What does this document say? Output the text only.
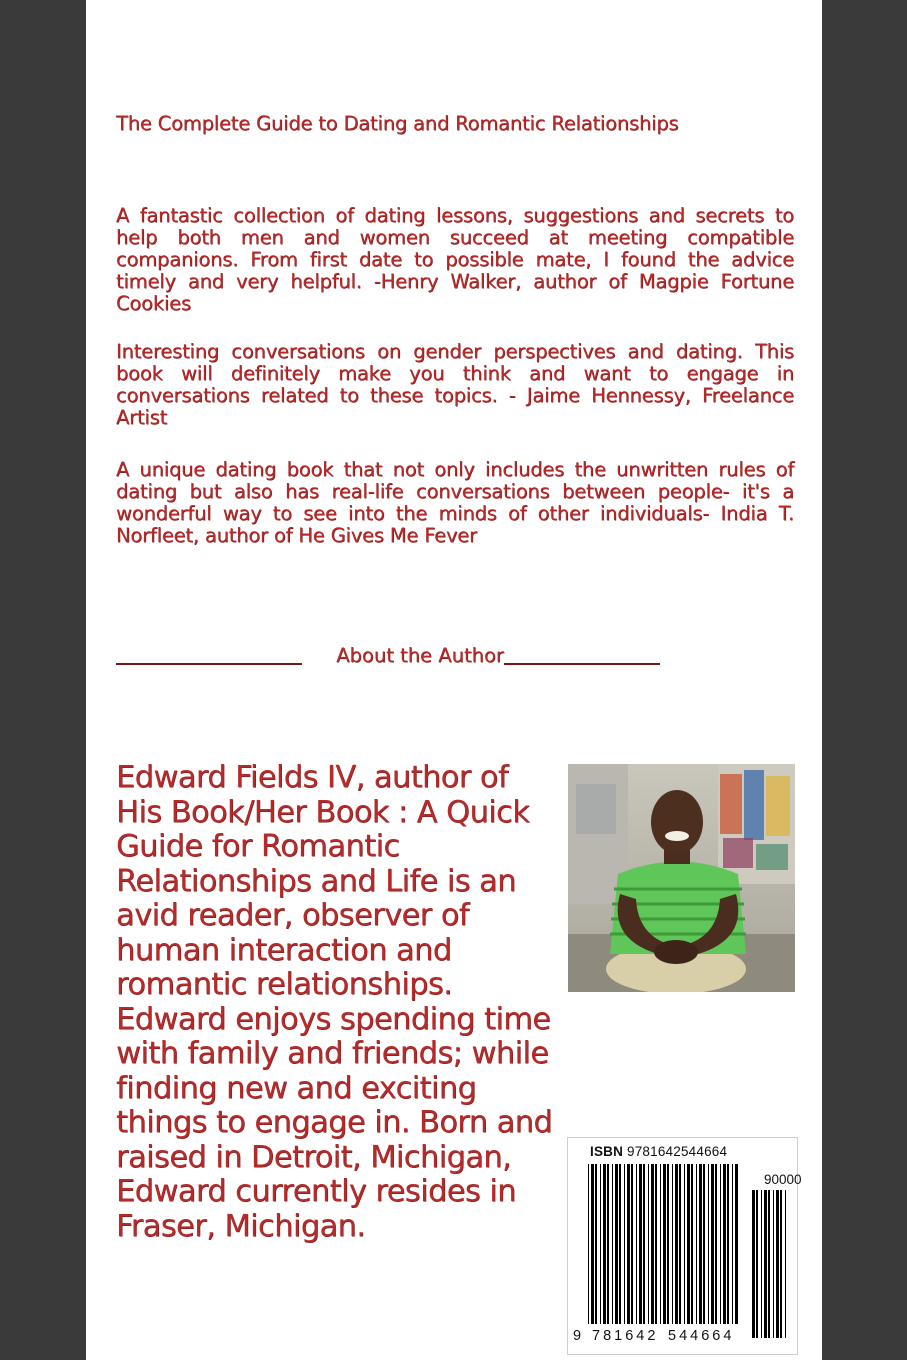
The Complete Guide to Dating and Romantic Relationships
A fantastic collection of dating lessons, suggestions and secrets to help both men and women succeed at meeting compatible companions. From first date to possible mate, I found the advice timely and very helpful. -Henry Walker, author of Magpie Fortune Cookies
Interesting conversations on gender perspectives and dating. This book will definitely make you think and want to engage in conversations related to these topics. - Jaime Hennessy, Freelance Artist
A unique dating book that not only includes the unwritten rules of dating but also has real-life conversations between people- it's a wonderful way to see into the minds of other individuals- India T. Norfleet, author of He Gives Me Fever
About the Author
Edward Fields IV, author of His Book/Her Book : A Quick Guide for Romantic Relationships and Life is an avid reader, observer of human interaction and romantic relationships. Edward enjoys spending time with family and friends; while finding new and exciting things to engage in. Born and raised in Detroit, Michigan, Edward currently resides in Fraser, Michigan.
ISBN 9781642544664
90000
9 781642 544664
